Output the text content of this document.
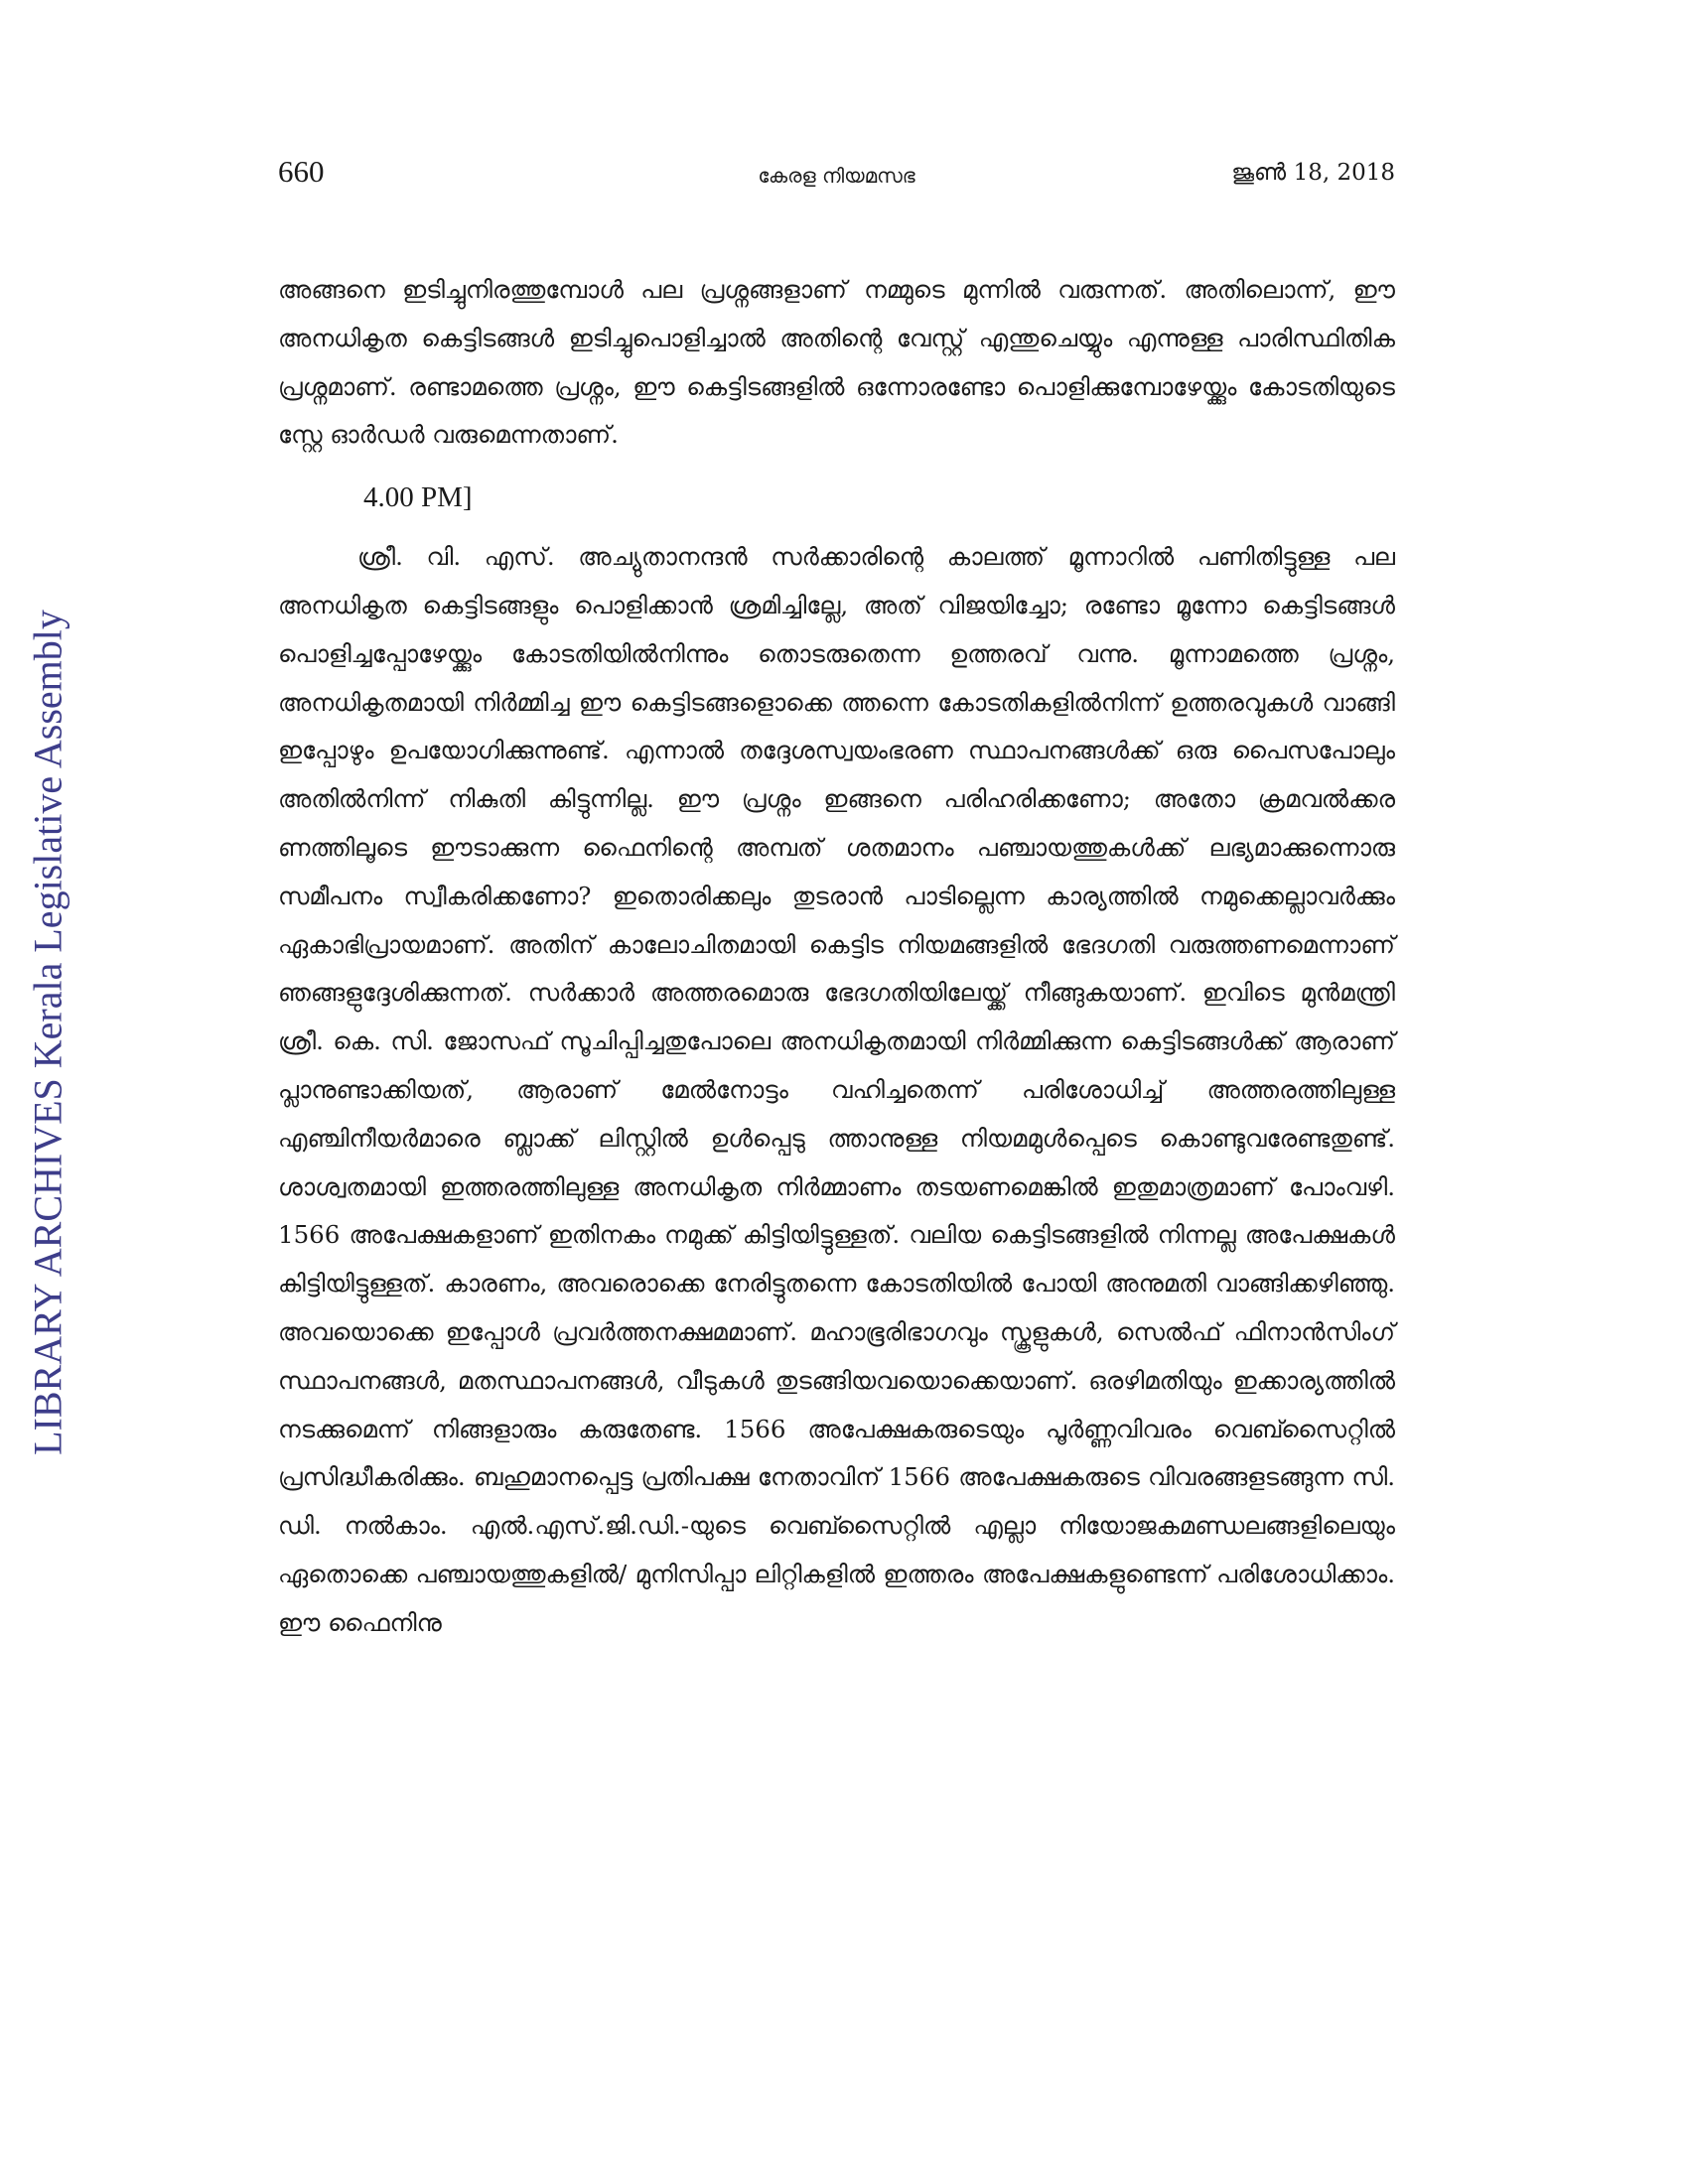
LIBRARY ARCHIVES Kerala Legislative Assembly
660	കേരള നിയമസഭ	ജൂൺ 18, 2018

അങ്ങനെ ഇടിച്ചുനിരത്തുമ്പോൾ പല പ്രശ്നങ്ങളാണ് നമ്മുടെ മുന്നിൽ വരുന്നത്. അതിലൊന്ന്, ഈ അനധികൃത കെട്ടിടങ്ങൾ ഇടിച്ചുപൊളിച്ചാൽ അതിന്റെ വേസ്റ്റ് എന്തുചെയ്യും എന്നുള്ള പാരിസ്ഥിതിക പ്രശ്നമാണ്. രണ്ടാമത്തെ പ്രശ്നം, ഈ കെട്ടിടങ്ങളിൽ ഒന്നോരണ്ടോ പൊളിക്കുമ്പോഴേയ്ക്കും കോടതിയുടെ സ്റ്റേ ഓർഡർ വരുമെന്നതാണ്.

4.00 PM]

ശ്രീ. വി. എസ്. അച്യുതാനന്ദൻ സർക്കാരിന്റെ കാലത്ത് മൂന്നാറിൽ പണിതിട്ടുള്ള പല അനധികൃത കെട്ടിടങ്ങളും പൊളിക്കാൻ ശ്രമിച്ചില്ലേ, അത് വിജയിച്ചോ; രണ്ടോ മൂന്നോ കെട്ടിടങ്ങൾ പൊളിച്ചപ്പോഴേയ്ക്കും കോടതിയിൽനിന്നും തൊടരുതെന്ന ഉത്തരവ് വന്നു. മൂന്നാമത്തെ പ്രശ്നം, അനധികൃതമായി നിർമ്മിച്ച ഈ കെട്ടിടങ്ങളൊക്കെ ത്തന്നെ കോടതികളിൽനിന്ന് ഉത്തരവുകൾ വാങ്ങി ഇപ്പോഴും ഉപയോഗിക്കുന്നുണ്ട്. എന്നാൽ തദ്ദേശസ്വയംഭരണ സ്ഥാപനങ്ങൾക്ക് ഒരു പൈസപോലും അതിൽനിന്ന് നികുതി കിട്ടുന്നില്ല. ഈ പ്രശ്നം ഇങ്ങനെ പരിഹരിക്കണോ; അതോ ക്രമവൽക്കര ണത്തിലൂടെ ഈടാക്കുന്ന ഫൈനിന്റെ അമ്പത് ശതമാനം പഞ്ചായത്തുകൾക്ക് ലഭ്യമാക്കുന്നൊരു സമീപനം സ്വീകരിക്കണോ? ഇതൊരിക്കലും തുടരാൻ പാടില്ലെന്ന കാര്യത്തിൽ നമുക്കെല്ലാവർക്കും ഏകാഭിപ്രായമാണ്. അതിന് കാലോചിതമായി കെട്ടിട നിയമങ്ങളിൽ ഭേദഗതി വരുത്തണമെന്നാണ് ഞങ്ങളുദ്ദേശിക്കുന്നത്. സർക്കാർ അത്തരമൊരു ഭേദഗതിയിലേയ്ക്ക് നീങ്ങുകയാണ്. ഇവിടെ മുൻമന്ത്രി ശ്രീ. കെ. സി. ജോസഫ് സൂചിപ്പിച്ചതുപോലെ അനധികൃതമായി നിർമ്മിക്കുന്ന കെട്ടിടങ്ങൾക്ക് ആരാണ് പ്ലാനുണ്ടാക്കിയത്, ആരാണ് മേൽനോട്ടം വഹിച്ചതെന്ന് പരിശോധിച്ച് അത്തരത്തിലുള്ള എഞ്ചിനീയർമാരെ ബ്ലാക്ക് ലിസ്റ്റിൽ ഉൾപ്പെടു ത്താനുള്ള നിയമമുൾപ്പെടെ കൊണ്ടുവരേണ്ടതുണ്ട്. ശാശ്വതമായി ഇത്തരത്തിലുള്ള അനധികൃത നിർമ്മാണം തടയണമെങ്കിൽ ഇതുമാത്രമാണ് പോംവഴി. 1566 അപേക്ഷകളാണ് ഇതിനകം നമുക്ക് കിട്ടിയിട്ടുള്ളത്. വലിയ കെട്ടിടങ്ങളിൽ നിന്നല്ല അപേക്ഷകൾ കിട്ടിയിട്ടുള്ളത്. കാരണം, അവരൊക്കെ നേരിട്ടുതന്നെ കോടതിയിൽ പോയി അനുമതി വാങ്ങിക്കഴിഞ്ഞു. അവയൊക്കെ ഇപ്പോൾ പ്രവർത്തനക്ഷമമാണ്. മഹാഭൂരിഭാഗവും സ്കൂളുകൾ, സെൽഫ് ഫിനാൻസിംഗ് സ്ഥാപനങ്ങൾ, മതസ്ഥാപനങ്ങൾ, വീടുകൾ തുടങ്ങിയവയൊക്കെയാണ്. ഒരഴിമതിയും ഇക്കാര്യത്തിൽ നടക്കുമെന്ന് നിങ്ങളാരും കരുതേണ്ട. 1566 അപേക്ഷകരുടെയും പൂർണ്ണവിവരം വെബ്സൈറ്റിൽ പ്രസിദ്ധീകരിക്കും. ബഹുമാനപ്പെട്ട പ്രതിപക്ഷ നേതാവിന് 1566 അപേക്ഷകരുടെ വിവരങ്ങളടങ്ങുന്ന സി. ഡി. നൽകാം. എൽ.എസ്.ജി.ഡി.-യുടെ വെബ്സൈറ്റിൽ എല്ലാ നിയോജകമണ്ഡലങ്ങളിലെയും ഏതൊക്കെ പഞ്ചായത്തുകളിൽ/ മുനിസിപ്പാ ലിറ്റികളിൽ ഇത്തരം അപേക്ഷകളുണ്ടെന്ന് പരിശോധിക്കാം. ഈ ഫൈനിനു
